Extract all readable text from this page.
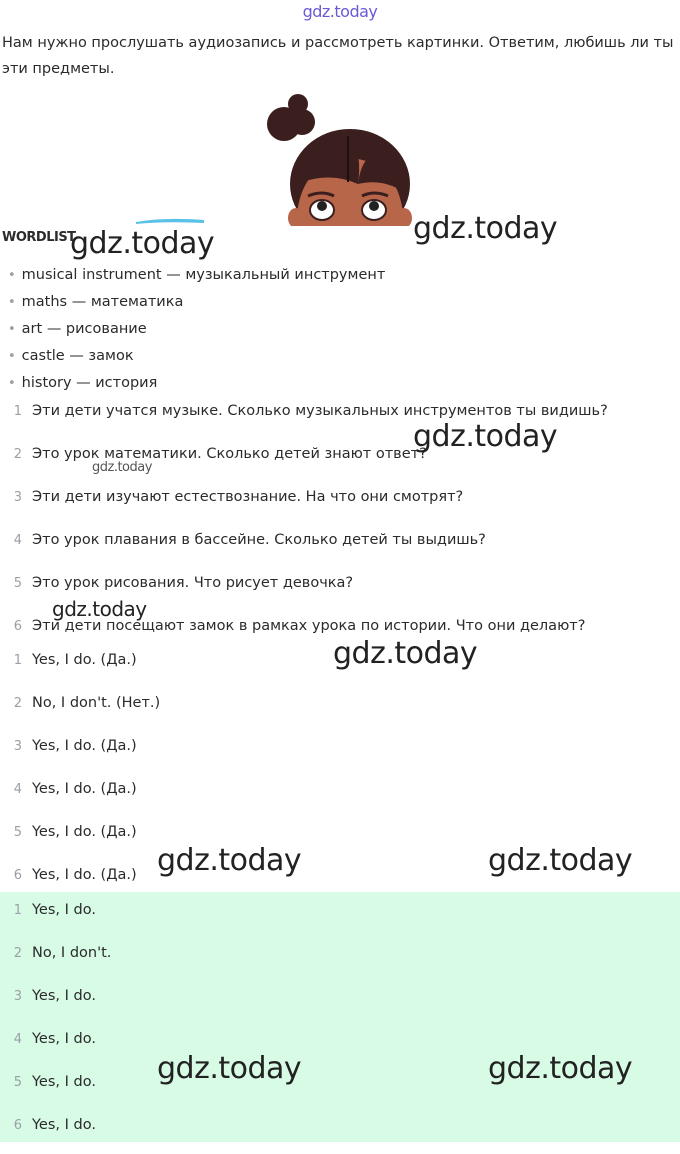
gdz.today
Нам нужно прослушать аудиозапись и рассмотреть картинки. Ответим, любишь ли ты эти предметы.
WORDLIST
• musical instrument — музыкальный инструмент
• maths — математика
• art — рисование
• castle — замок
• history — история
1 Эти дети учатся музыке. Сколько музыкальных инструментов ты видишь?
2 Это урок математики. Сколько детей знают ответ?
3 Эти дети изучают естествознание. На что они смотрят?
4 Это урок плавания в бассейне. Сколько детей ты выдишь?
5 Это урок рисования. Что рисует девочка?
6 Эти дети посещают замок в рамках урока по истории. Что они делают?
1 Yes, I do. (Да.)
2 No, I don't. (Нет.)
3 Yes, I do. (Да.)
4 Yes, I do. (Да.)
5 Yes, I do. (Да.)
6 Yes, I do. (Да.)
1 Yes, I do.
2 No, I don't.
3 Yes, I do.
4 Yes, I do.
5 Yes, I do.
6 Yes, I do.
gdz.today	gdz.today
gdz.today
gdz.today
gdz.today
gdz.today
gdz.today	gdz.today
gdz.today	gdz.today
